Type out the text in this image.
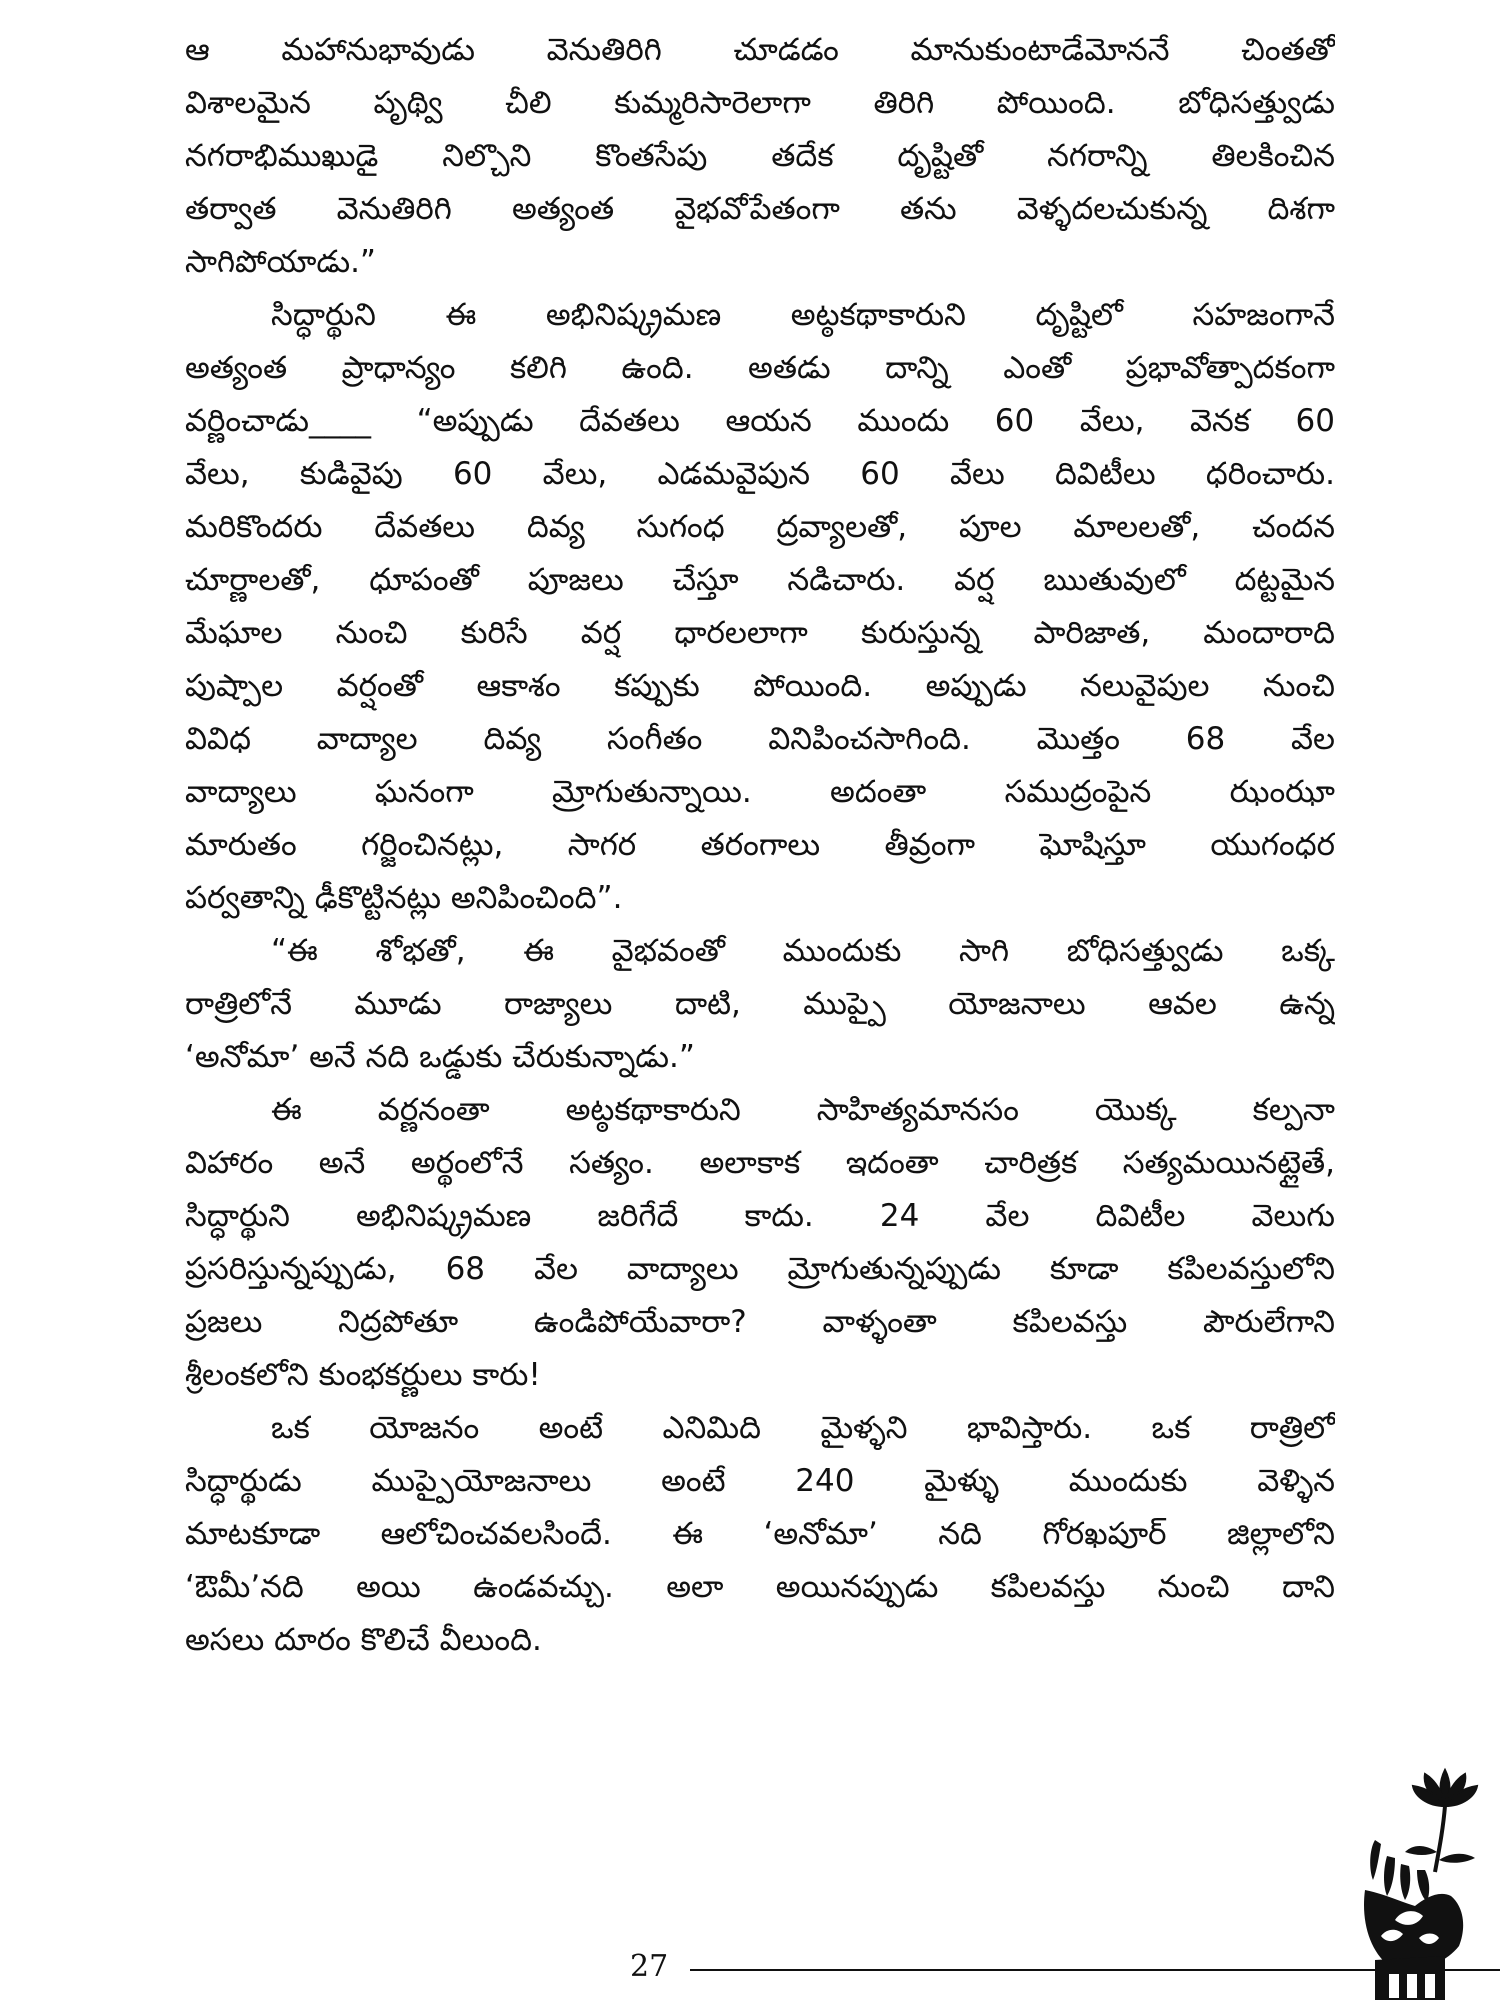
ఆ మహానుభావుడు వెనుతిరిగి చూడడం మానుకుంటాడేమోననే చింతతో
విశాలమైన పృథ్వి చీలి కుమ్మరిసారెలాగా తిరిగి పోయింది. బోధిసత్త్వుడు
నగరాభిముఖుడై నిల్చొని కొంతసేపు తదేక దృష్టితో నగరాన్ని తిలకించిన
తర్వాత వెనుతిరిగి అత్యంత వైభవోపేతంగా తను వెళ్ళదలచుకున్న దిశగా
సాగిపోయాడు.”
సిద్ధార్థుని ఈ అభినిష్క్రమణ అట్ఠకథాకారుని దృష్టిలో సహజంగానే
అత్యంత ప్రాధాన్యం కలిగి ఉంది. అతడు దాన్ని ఎంతో ప్రభావోత్పాదకంగా
వర్ణించాడు____ “అప్పుడు దేవతలు ఆయన ముందు 60 వేలు, వెనక 60
వేలు, కుడివైపు 60 వేలు, ఎడమవైపున 60 వేలు దివిటీలు ధరించారు.
మరికొందరు దేవతలు దివ్య సుగంధ ద్రవ్యాలతో, పూల మాలలతో, చందన
చూర్ణాలతో, ధూపంతో పూజలు చేస్తూ నడిచారు. వర్ష ఋతువులో దట్టమైన
మేఘాల నుంచి కురిసే వర్ష ధారలలాగా కురుస్తున్న పారిజాత, మందారాది
పుష్పాల వర్షంతో ఆకాశం కప్పుకు పోయింది. అప్పుడు నలువైపుల నుంచి
వివిధ వాద్యాల దివ్య సంగీతం వినిపించసాగింది. మొత్తం 68 వేల
వాద్యాలు ఘనంగా మ్రోగుతున్నాయి. అదంతా సముద్రంపైన ఝంఝా
మారుతం గర్జించినట్లు, సాగర తరంగాలు తీవ్రంగా ఘోషిస్తూ యుగంధర
పర్వతాన్ని ఢీకొట్టినట్లు అనిపించింది”.
“ఈ శోభతో, ఈ వైభవంతో ముందుకు సాగి బోధిసత్త్వుడు ఒక్క
రాత్రిలోనే మూడు రాజ్యాలు దాటి, ముప్పై యోజనాలు ఆవల ఉన్న
‘అనోమా’ అనే నది ఒడ్డుకు చేరుకున్నాడు.”
ఈ వర్ణనంతా అట్ఠకథాకారుని సాహిత్యమానసం యొక్క కల్పనా
విహారం అనే అర్థంలోనే సత్యం. అలాకాక ఇదంతా చారిత్రక సత్యమయినట్లైతే,
సిద్ధార్థుని అభినిష్క్రమణ జరిగేదే కాదు. 24 వేల దివిటీల వెలుగు
ప్రసరిస్తున్నప్పుడు, 68 వేల వాద్యాలు మ్రోగుతున్నప్పుడు కూడా కపిలవస్తులోని
ప్రజలు నిద్రపోతూ ఉండిపోయేవారా? వాళ్ళంతా కపిలవస్తు పౌరులేగాని
శ్రీలంకలోని కుంభకర్ణులు కారు!
ఒక యోజనం అంటే ఎనిమిది మైళ్ళని భావిస్తారు. ఒక రాత్రిలో
సిద్ధార్థుడు ముప్పైయోజనాలు అంటే 240 మైళ్ళు ముందుకు వెళ్ళిన
మాటకూడా ఆలోచించవలసిందే. ఈ ‘అనోమా’ నది గోరఖపూర్ జిల్లాలోని
‘ఔమీ’నది అయి ఉండవచ్చు. అలా అయినప్పుడు కపిలవస్తు నుంచి దాని
అసలు దూరం కొలిచే వీలుంది.
27
